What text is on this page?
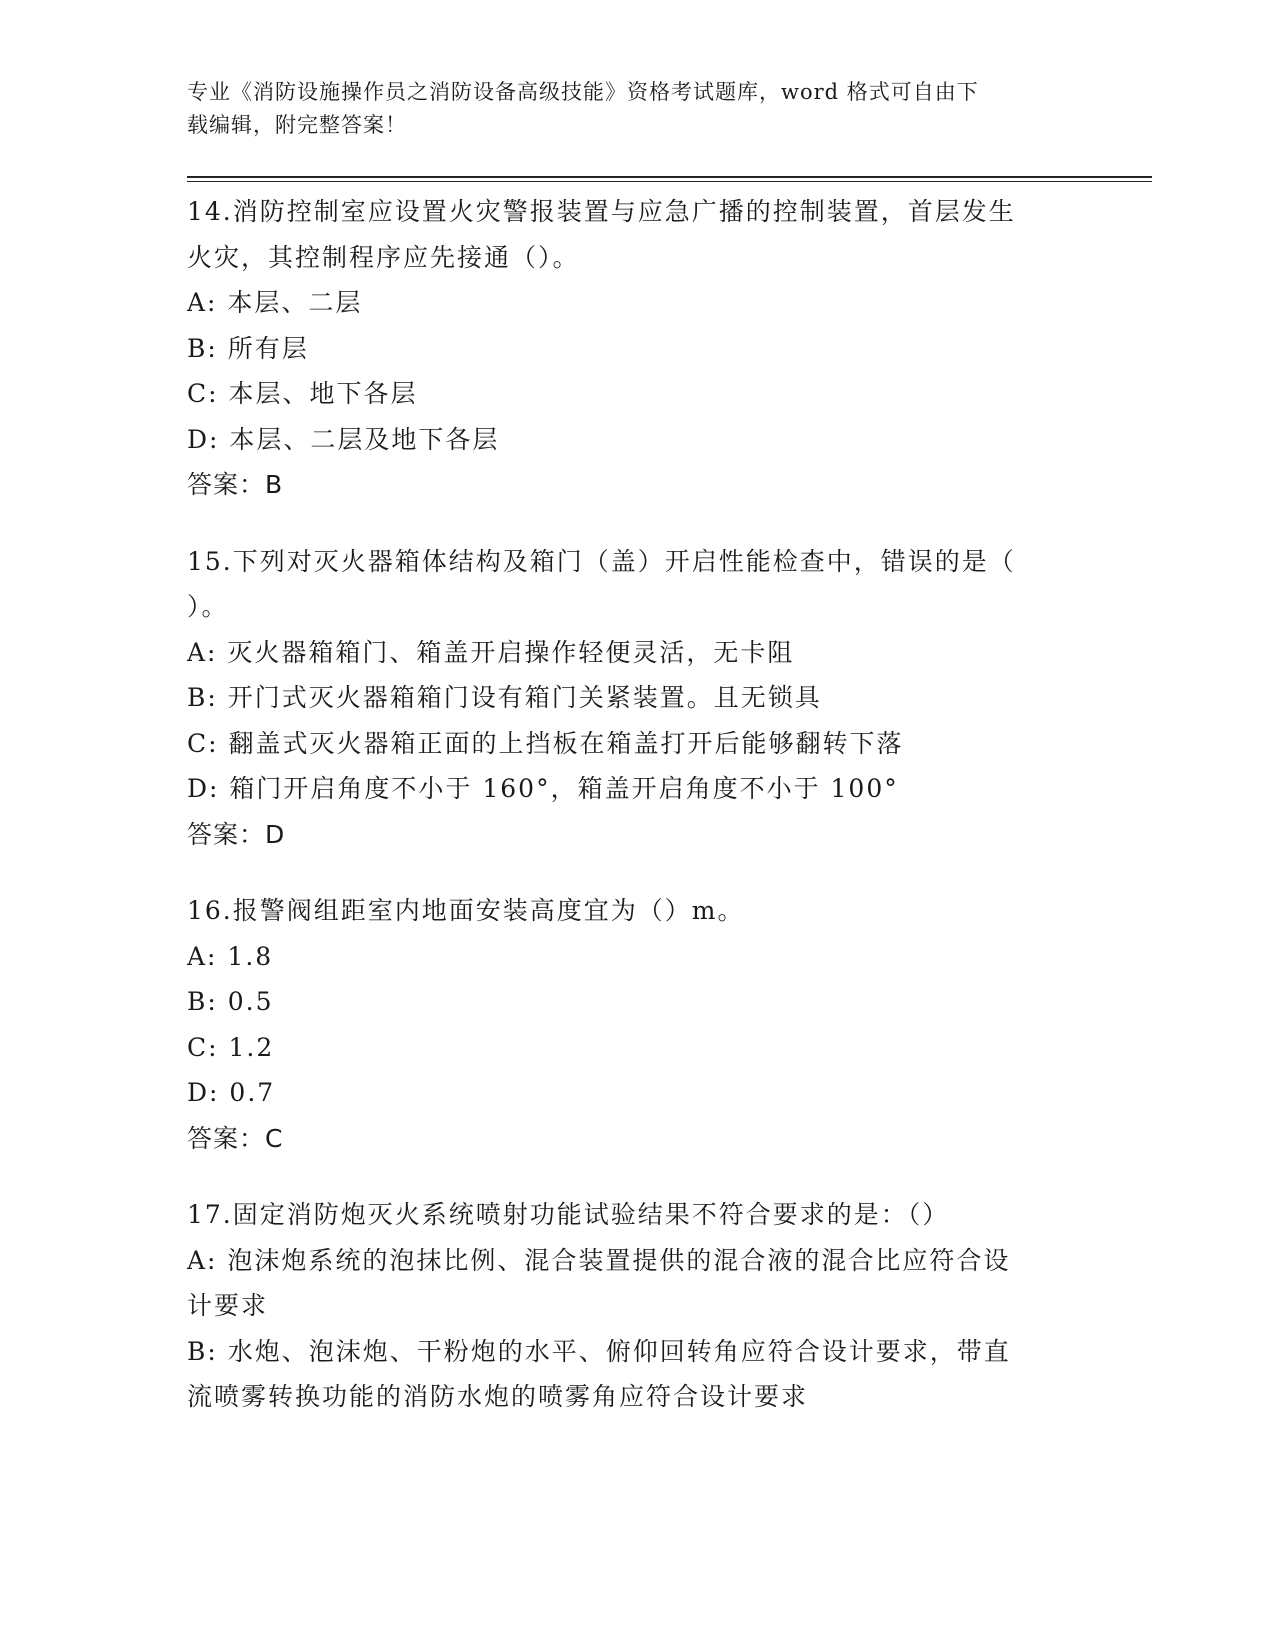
专业《消防设施操作员之消防设备高级技能》资格考试题库，word 格式可自由下
载编辑，附完整答案！
14.消防控制室应设置火灾警报装置与应急广播的控制装置，首层发生
火灾，其控制程序应先接通（）。
A: 本层、二层
B: 所有层
C: 本层、地下各层
D: 本层、二层及地下各层
答案：B
15.下列对灭火器箱体结构及箱门（盖）开启性能检查中，错误的是（
）。
A: 灭火器箱箱门、箱盖开启操作轻便灵活，无卡阻
B: 开门式灭火器箱箱门设有箱门关紧装置。且无锁具
C: 翻盖式灭火器箱正面的上挡板在箱盖打开后能够翻转下落
D: 箱门开启角度不小于 160°，箱盖开启角度不小于 100°
答案：D
16.报警阀组距室内地面安装高度宜为（）m。
A: 1.8
B: 0.5
C: 1.2
D: 0.7
答案：C
17.固定消防炮灭火系统喷射功能试验结果不符合要求的是：（）
A: 泡沫炮系统的泡抹比例、混合装置提供的混合液的混合比应符合设
计要求
B: 水炮、泡沫炮、干粉炮的水平、俯仰回转角应符合设计要求，带直
流喷雾转换功能的消防水炮的喷雾角应符合设计要求
